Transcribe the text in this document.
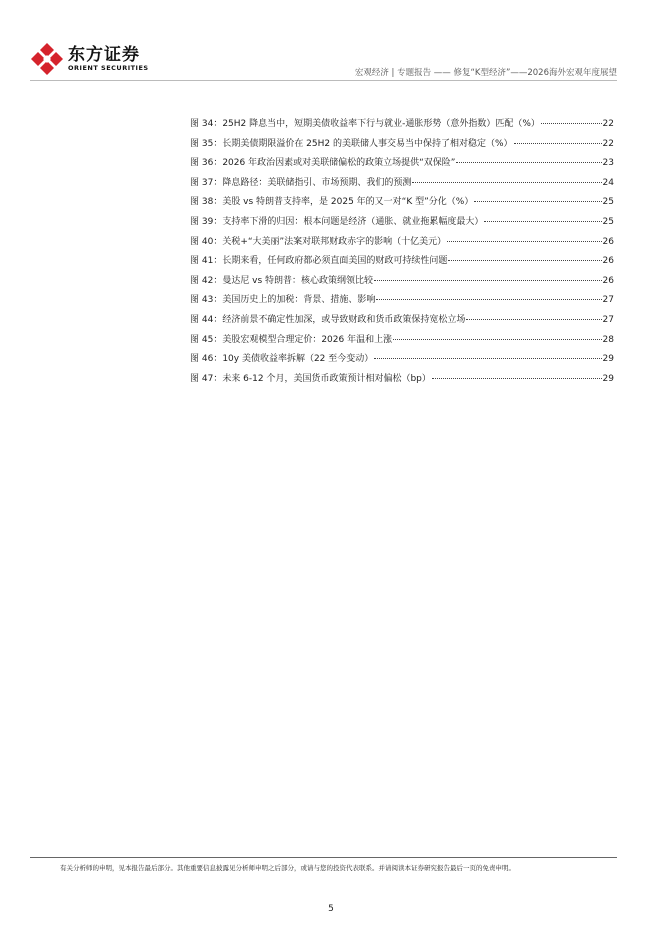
东方证券
ORIENT SECURITIES
宏观经济 | 专题报告 —— 修复“K型经济”——2026海外宏观年度展望
图 34：25H2 降息当中，短期美债收益率下行与就业-通胀形势（意外指数）匹配（%）	22
图 35：长期美债期限溢价在 25H2 的美联储人事交易当中保持了相对稳定（%）	22
图 36：2026 年政治因素或对美联储偏松的政策立场提供“双保险”	23
图 37：降息路径：美联储指引、市场预期、我们的预测	24
图 38：美股 vs 特朗普支持率，是 2025 年的又一对“K 型”分化（%）	25
图 39：支持率下滑的归因：根本问题是经济（通胀、就业拖累幅度最大）	25
图 40：关税+“大美丽”法案对联邦财政赤字的影响（十亿美元）	26
图 41：长期来看，任何政府都必须直面美国的财政可持续性问题	26
图 42：曼达尼 vs 特朗普：核心政策纲领比较	26
图 43：美国历史上的加税：背景、措施、影响	27
图 44：经济前景不确定性加深，或导致财政和货币政策保持宽松立场	27
图 45：美股宏观模型合理定价：2026 年温和上涨	28
图 46：10y 美债收益率拆解（22 至今变动）	29
图 47：未来 6-12 个月，美国货币政策预计相对偏松（bp）	29
有关分析师的申明，见本报告最后部分。其他重要信息披露见分析师申明之后部分，或请与您的投资代表联系。并请阅读本证券研究报告最后一页的免责申明。
5
